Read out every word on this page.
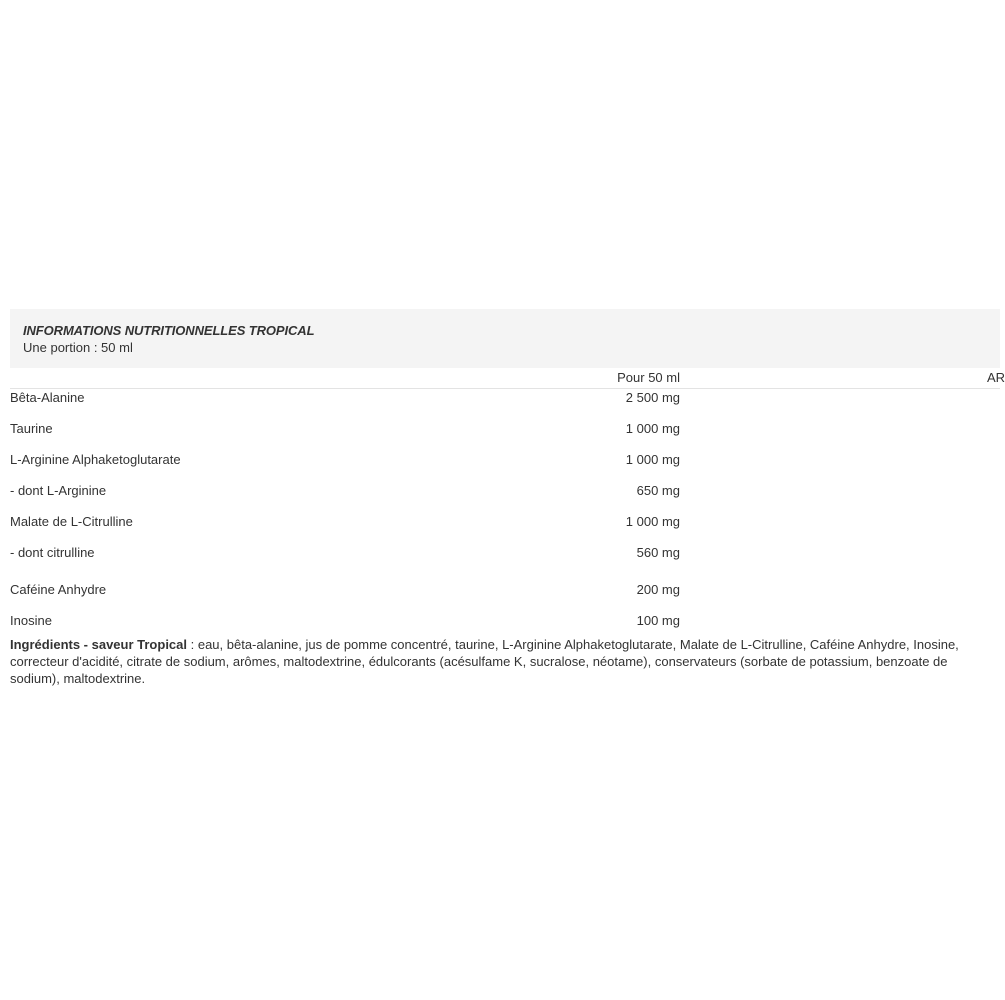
INFORMATIONS NUTRITIONNELLES TROPICAL
Une portion : 50 ml
Pour 50 ml	AR
Bêta-Alanine	2 500 mg
Taurine	1 000 mg
L-Arginine Alphaketoglutarate	1 000 mg
- dont L-Arginine	650 mg
Malate de L-Citrulline	1 000 mg
- dont citrulline	560 mg
Caféine Anhydre	200 mg
Inosine	100 mg
Ingrédients - saveur Tropical : eau, bêta-alanine, jus de pomme concentré, taurine, L-Arginine Alphaketoglutarate, Malate de L-Citrulline, Caféine Anhydre, Inosine, correcteur d'acidité, citrate de sodium, arômes, maltodextrine, édulcorants (acésulfame K, sucralose, néotame), conservateurs (sorbate de potassium, benzoate de sodium), maltodextrine.
